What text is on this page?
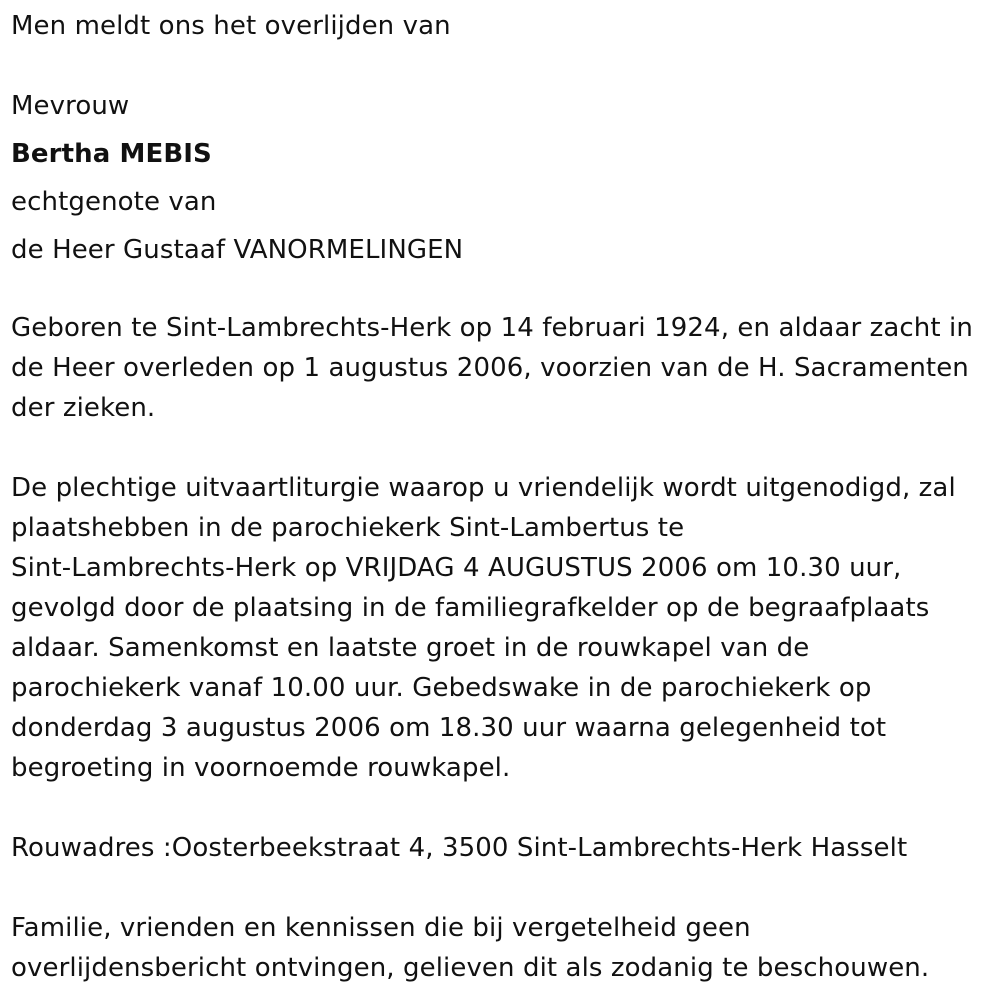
Men meldt ons het overlijden van

Mevrouw

Bertha MEBIS

echtgenote van

de Heer Gustaaf VANORMELINGEN

Geboren te Sint-Lambrechts-Herk op 14 februari 1924, en aldaar zacht in

de Heer overleden op 1 augustus 2006, voorzien van de H. Sacramenten

der zieken.

De plechtige uitvaartliturgie waarop u vriendelijk wordt uitgenodigd, zal

plaatshebben in de parochiekerk Sint-Lambertus te

Sint-Lambrechts-Herk op VRIJDAG 4 AUGUSTUS 2006 om 10.30 uur,

gevolgd door de plaatsing in de familiegrafkelder op de begraafplaats

aldaar. Samenkomst en laatste groet in de rouwkapel van de

parochiekerk vanaf 10.00 uur. Gebedswake in de parochiekerk op

donderdag 3 augustus 2006 om 18.30 uur waarna gelegenheid tot

begroeting in voornoemde rouwkapel.

Rouwadres :Oosterbeekstraat 4, 3500 Sint-Lambrechts-Herk Hasselt

Familie, vrienden en kennissen die bij vergetelheid geen

overlijdensbericht ontvingen, gelieven dit als zodanig te beschouwen.
